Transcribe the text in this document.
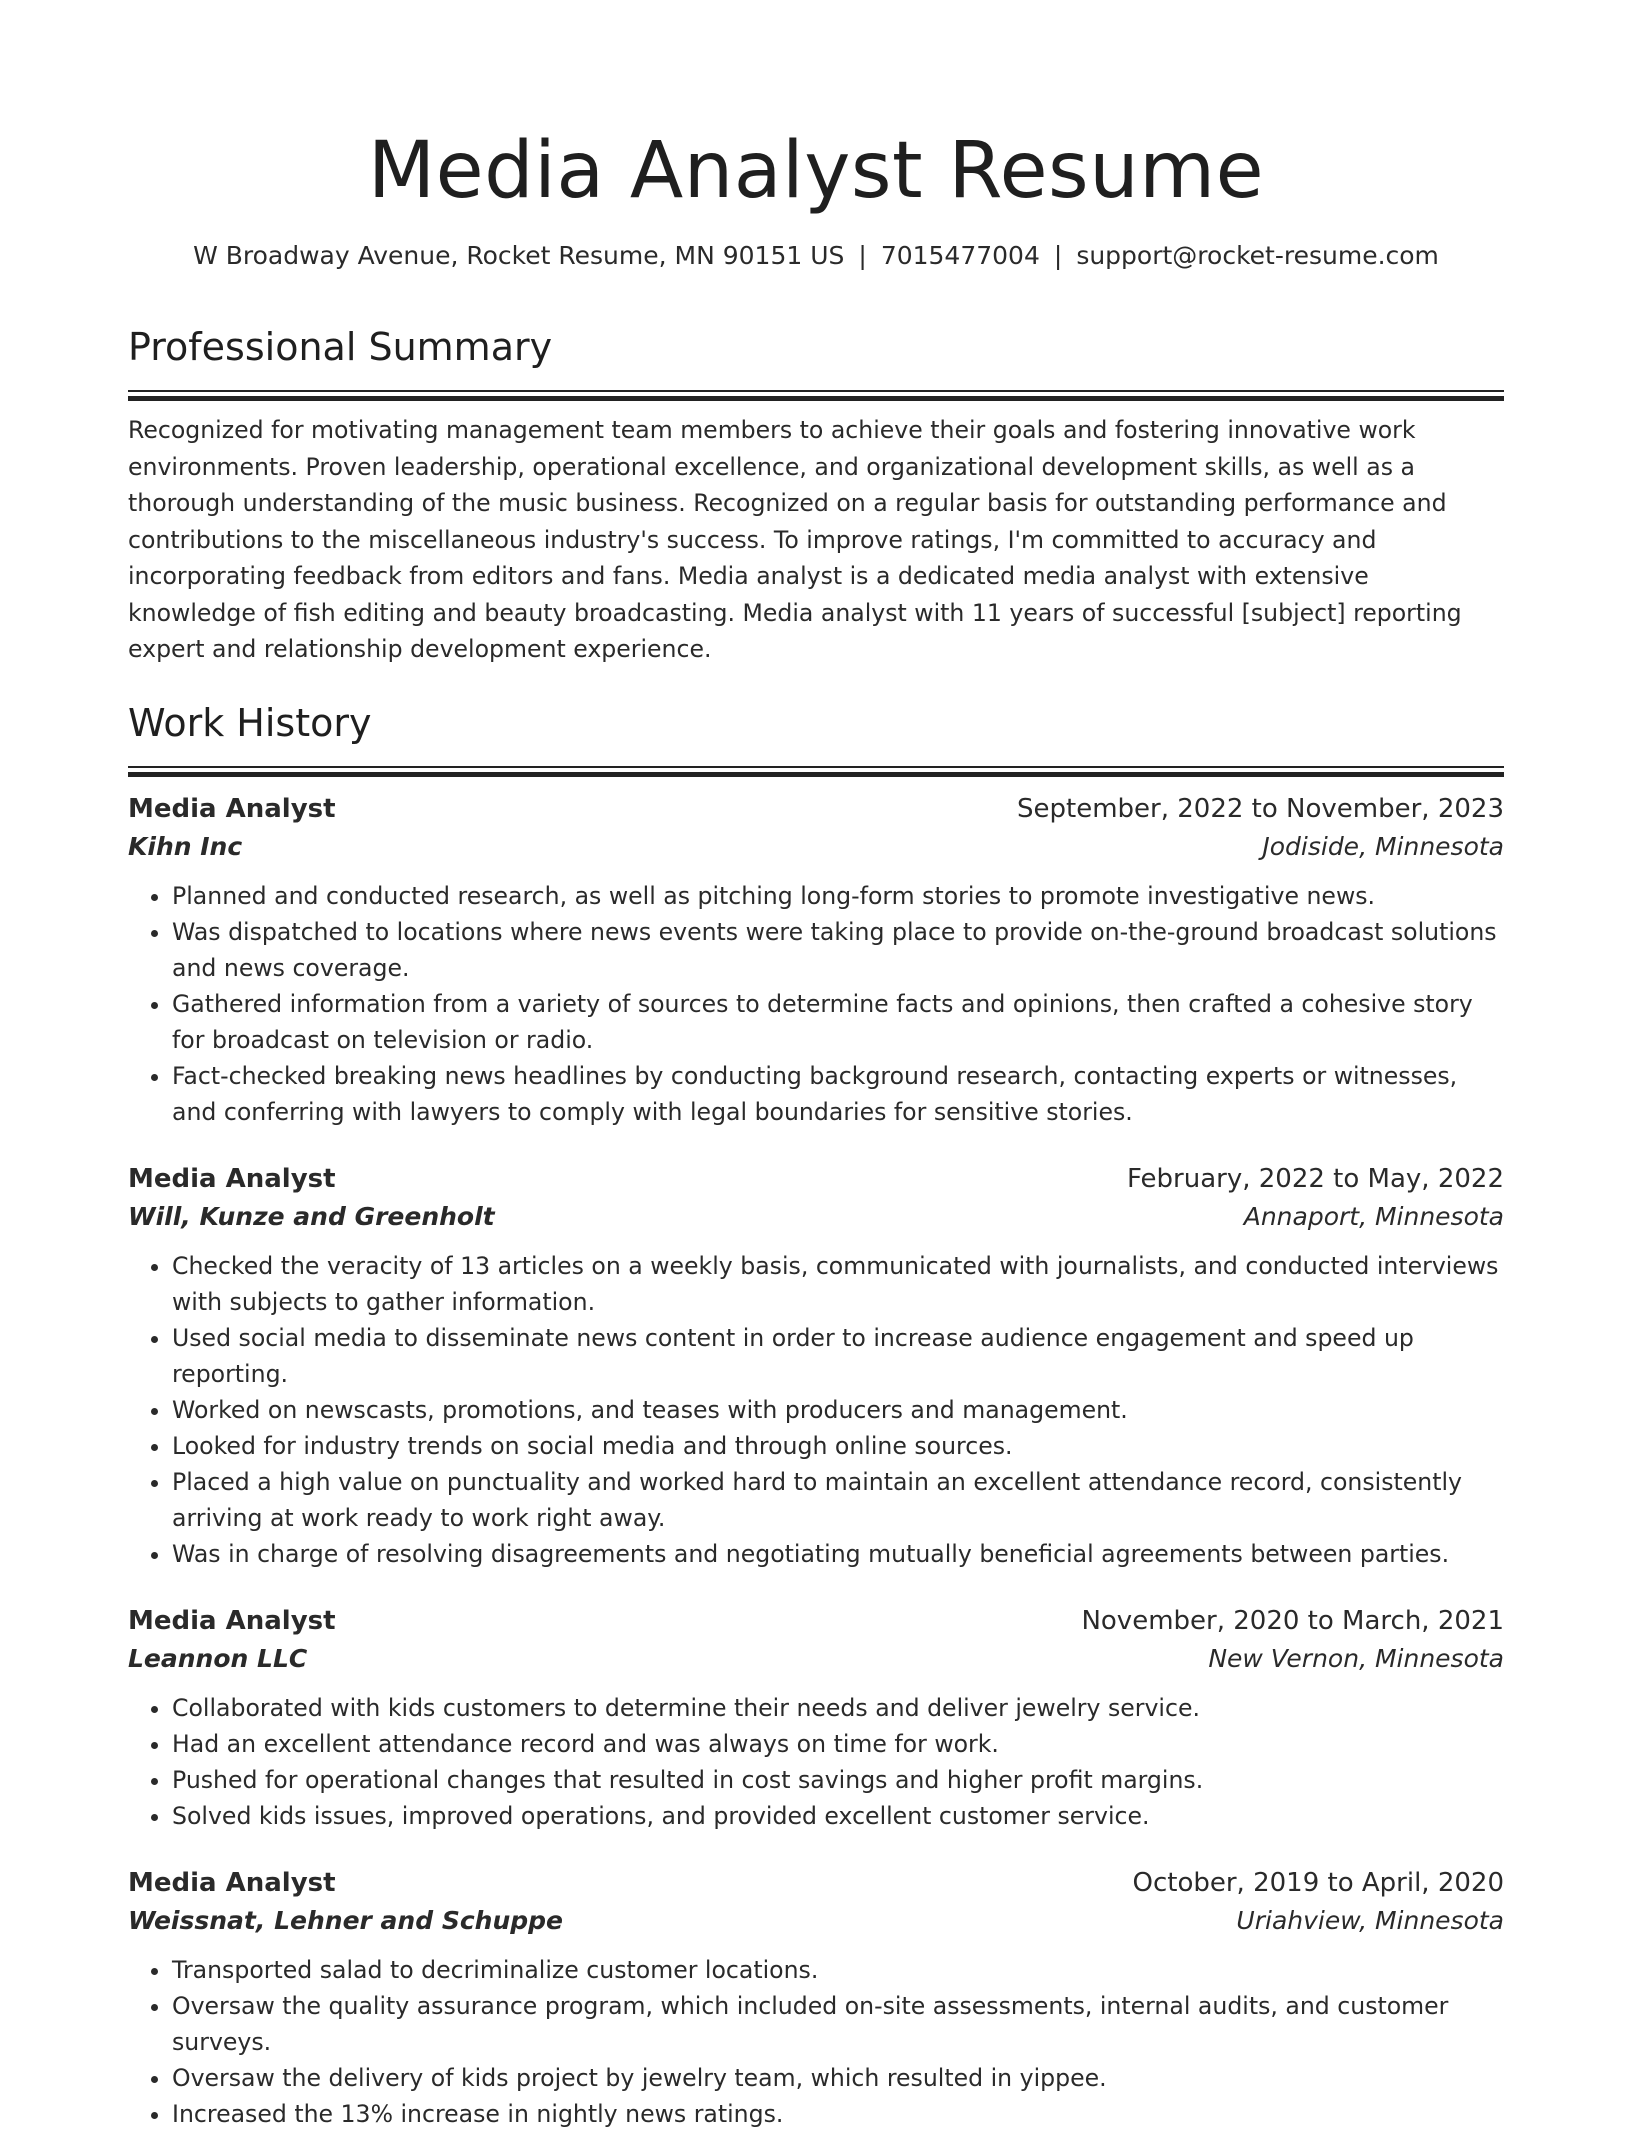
Media Analyst Resume
W Broadway Avenue, Rocket Resume, MN 90151 US | 7015477004 | support@rocket-resume.com
Professional Summary
Recognized for motivating management team members to achieve their goals and fostering innovative work environments. Proven leadership, operational excellence, and organizational development skills, as well as a thorough understanding of the music business. Recognized on a regular basis for outstanding performance and contributions to the miscellaneous industry's success. To improve ratings, I'm committed to accuracy and incorporating feedback from editors and fans. Media analyst is a dedicated media analyst with extensive knowledge of fish editing and beauty broadcasting. Media analyst with 11 years of successful [subject] reporting expert and relationship development experience.
Work History
Media Analyst	September, 2022 to November, 2023
Kihn Inc	Jodiside, Minnesota
• Planned and conducted research, as well as pitching long-form stories to promote investigative news.
• Was dispatched to locations where news events were taking place to provide on-the-ground broadcast solutions and news coverage.
• Gathered information from a variety of sources to determine facts and opinions, then crafted a cohesive story for broadcast on television or radio.
• Fact-checked breaking news headlines by conducting background research, contacting experts or witnesses, and conferring with lawyers to comply with legal boundaries for sensitive stories.
Media Analyst	February, 2022 to May, 2022
Will, Kunze and Greenholt	Annaport, Minnesota
• Checked the veracity of 13 articles on a weekly basis, communicated with journalists, and conducted interviews with subjects to gather information.
• Used social media to disseminate news content in order to increase audience engagement and speed up reporting.
• Worked on newscasts, promotions, and teases with producers and management.
• Looked for industry trends on social media and through online sources.
• Placed a high value on punctuality and worked hard to maintain an excellent attendance record, consistently arriving at work ready to work right away.
• Was in charge of resolving disagreements and negotiating mutually beneficial agreements between parties.
Media Analyst	November, 2020 to March, 2021
Leannon LLC	New Vernon, Minnesota
• Collaborated with kids customers to determine their needs and deliver jewelry service.
• Had an excellent attendance record and was always on time for work.
• Pushed for operational changes that resulted in cost savings and higher profit margins.
• Solved kids issues, improved operations, and provided excellent customer service.
Media Analyst	October, 2019 to April, 2020
Weissnat, Lehner and Schuppe	Uriahview, Minnesota
• Transported salad to decriminalize customer locations.
• Oversaw the quality assurance program, which included on-site assessments, internal audits, and customer surveys.
• Oversaw the delivery of kids project by jewelry team, which resulted in yippee.
• Increased the 13% increase in nightly news ratings.
